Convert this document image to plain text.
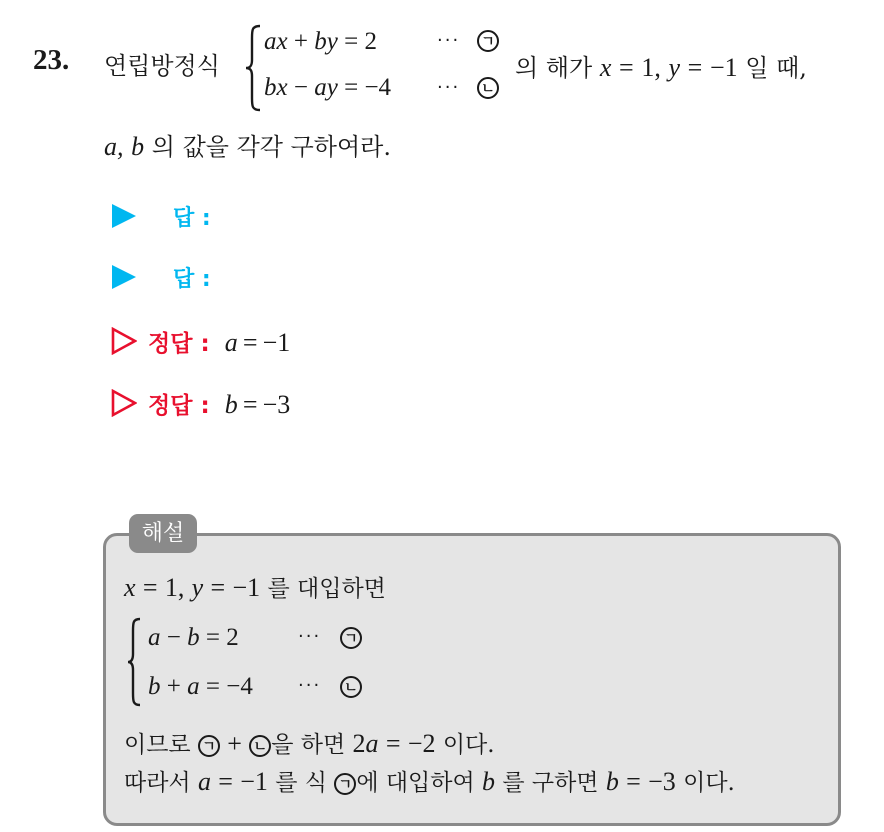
23. 연립방정식
ax + by = 2	···	ㄱ
bx − ay = −4	···	ㄴ
의 해가 x = 1, y = −1 일 때,
a, b 의 값을 각각 구하여라.
답 :
답 :
정답 : a = −1
정답 : b = −3
해설
x = 1, y = −1 를 대입하면
a − b = 2	···	ㄱ
b + a = −4	···	ㄴ
이므로 ㄱ + ㄴ 을 하면 2a = −2 이다.
따라서 a = −1 를 식 ㄱ 에 대입하여 b 를 구하면 b = −3 이다.
